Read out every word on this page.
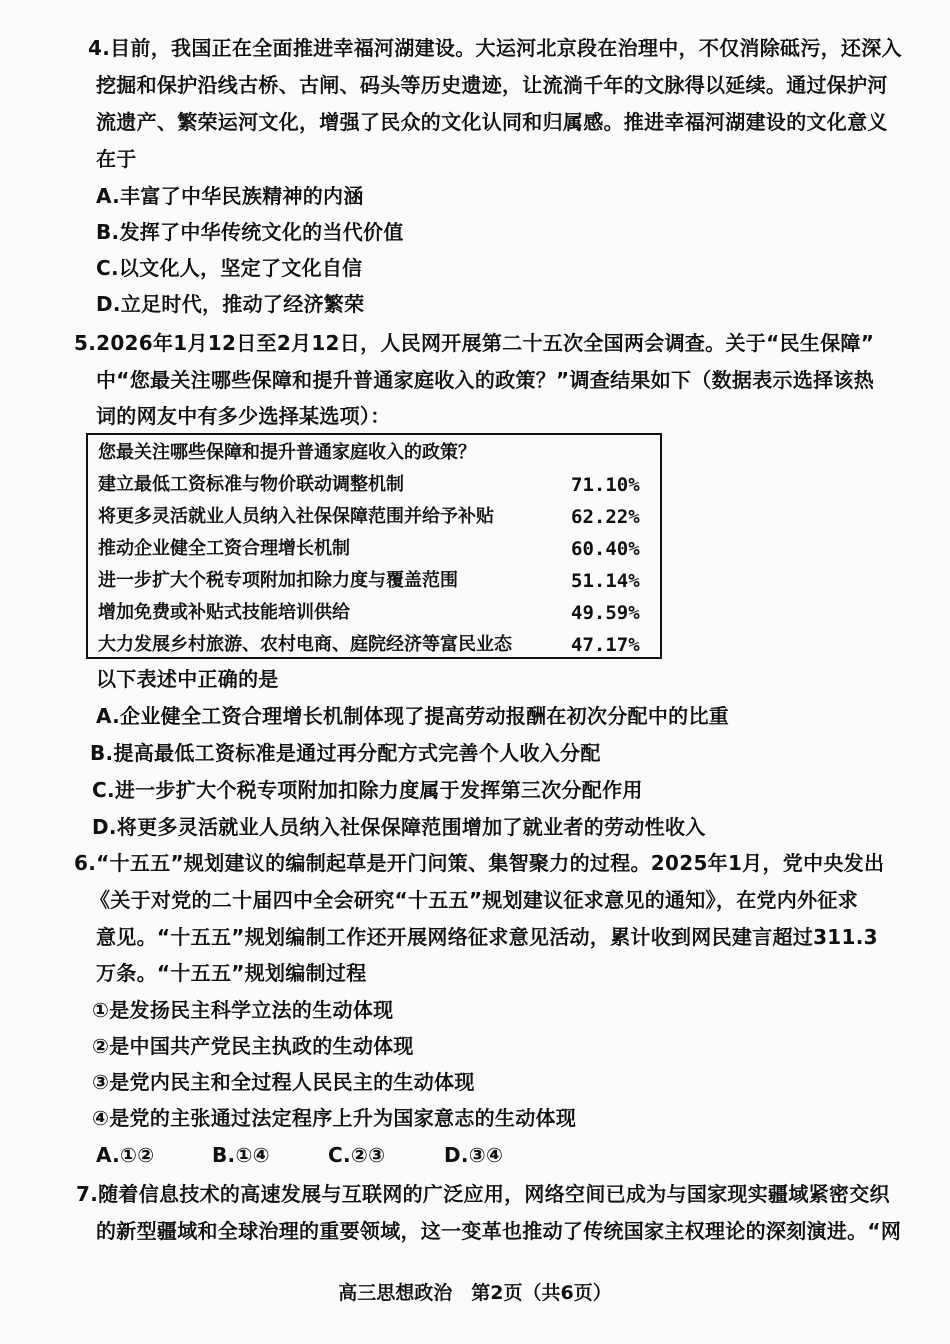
4.目前，我国正在全面推进幸福河湖建设。大运河北京段在治理中，不仅消除砥污，还深入
挖掘和保护沿线古桥、古闸、码头等历史遗迹，让流淌千年的文脉得以延续。通过保护河
流遗产、繁荣运河文化，增强了民众的文化认同和归属感。推进幸福河湖建设的文化意义
在于
A.丰富了中华民族精神的内涵
B.发挥了中华传统文化的当代价值
C.以文化人，坚定了文化自信
D.立足时代，推动了经济繁荣
5.2026年1月12日至2月12日，人民网开展第二十五次全国两会调查。关于“民生保障”
中“您最关注哪些保障和提升普通家庭收入的政策？”调查结果如下（数据表示选择该热
词的网友中有多少选择某选项）：
您最关注哪些保障和提升普通家庭收入的政策？
建立最低工资标准与物价联动调整机制	71.10%
将更多灵活就业人员纳入社保保障范围并给予补贴	62.22%
推动企业健全工资合理增长机制	60.40%
进一步扩大个税专项附加扣除力度与覆盖范围	51.14%
增加免费或补贴式技能培训供给	49.59%
大力发展乡村旅游、农村电商、庭院经济等富民业态	47.17%
以下表述中正确的是
A.企业健全工资合理增长机制体现了提高劳动报酬在初次分配中的比重
B.提高最低工资标准是通过再分配方式完善个人收入分配
C.进一步扩大个税专项附加扣除力度属于发挥第三次分配作用
D.将更多灵活就业人员纳入社保保障范围增加了就业者的劳动性收入
6.“十五五”规划建议的编制起草是开门问策、集智聚力的过程。2025年1月，党中央发出
《关于对党的二十届四中全会研究“十五五”规划建议征求意见的通知》，在党内外征求
意见。“十五五”规划编制工作还开展网络征求意见活动，累计收到网民建言超过311.3
万条。“十五五”规划编制过程
①是发扬民主科学立法的生动体现
②是中国共产党民主执政的生动体现
③是党内民主和全过程人民民主的生动体现
④是党的主张通过法定程序上升为国家意志的生动体现
A.①②	B.①④	C.②③	D.③④
7.随着信息技术的高速发展与互联网的广泛应用，网络空间已成为与国家现实疆域紧密交织
的新型疆域和全球治理的重要领域，这一变革也推动了传统国家主权理论的深刻演进。“网
高三思想政治　第2页（共6页）
